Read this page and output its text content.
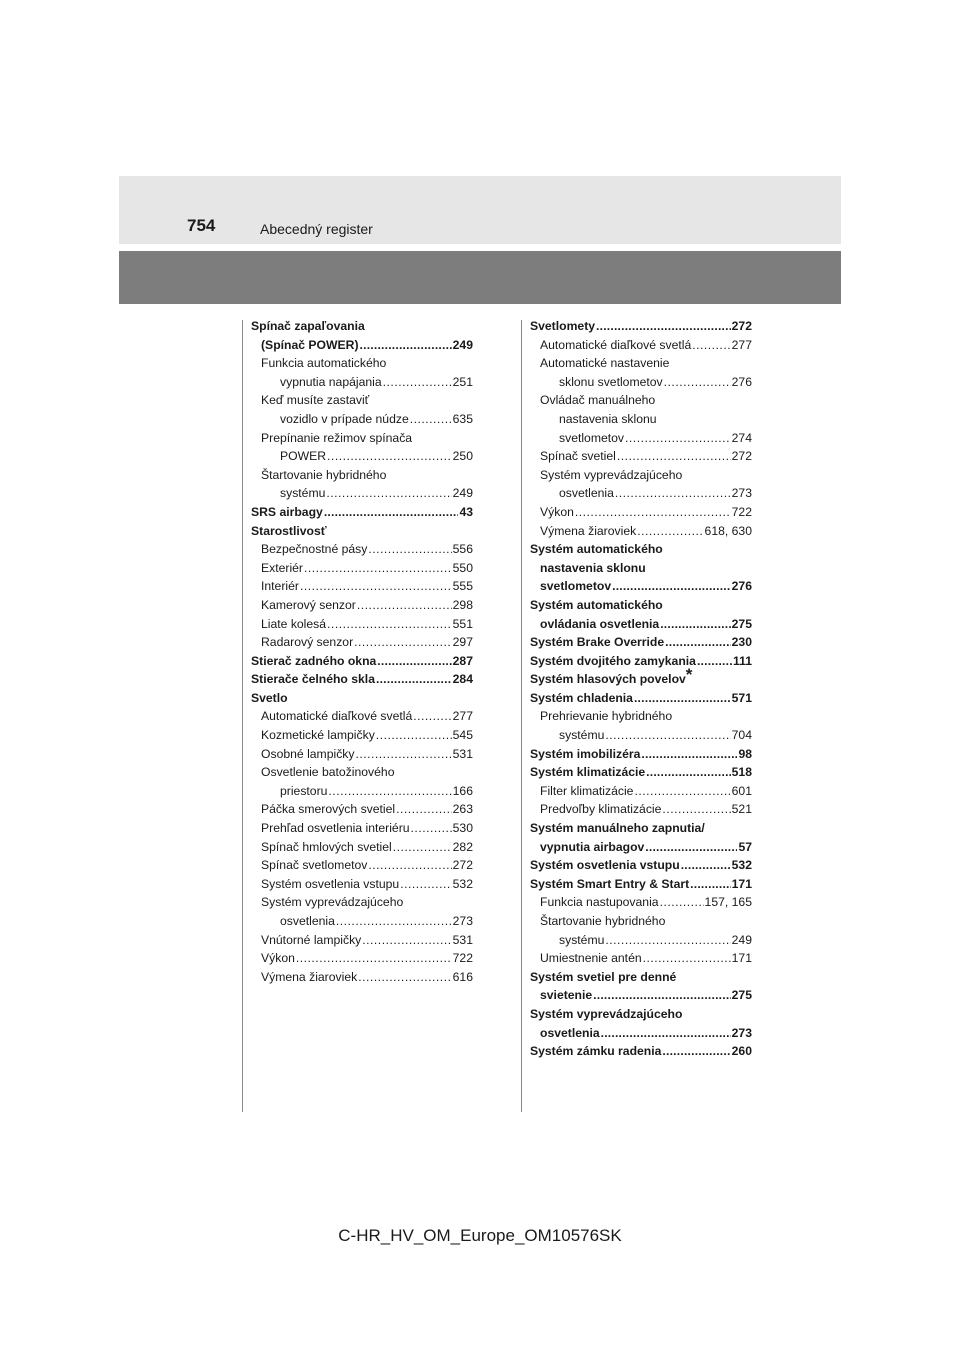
754	Abecedný register
Spínač zapaľovania
(Spínač POWER) .....	249
Funkcia automatického
vypnutia napájania .....	251
Keď musíte zastaviť
vozidlo v prípade núdze .....	635
Prepínanie režimov spínača
POWER .....	250
Štartovanie hybridného
systému .....	249
SRS airbagy .....	43
Starostlivosť
Bezpečnostné pásy .....	556
Exteriér .....	550
Interiér .....	555
Kamerový senzor .....	298
Liate kolesá .....	551
Radarový senzor .....	297
Stierač zadného okna .....	287
Stierače čelného skla .....	284
Svetlo
Automatické diaľkové svetlá .....	277
Kozmetické lampičky .....	545
Osobné lampičky .....	531
Osvetlenie batožinového
priestoru .....	166
Páčka smerových svetiel .....	263
Prehľad osvetlenia interiéru .....	530
Spínač hmlových svetiel .....	282
Spínač svetlometov .....	272
Systém osvetlenia vstupu .....	532
Systém vyprevádzajúceho
osvetlenia .....	273
Vnútorné lampičky .....	531
Výkon .....	722
Výmena žiaroviek .....	616
Svetlomety .....	272
Automatické diaľkové svetlá .....	277
Automatické nastavenie
sklonu svetlometov .....	276
Ovládač manuálneho
nastavenia sklonu
svetlometov .....	274
Spínač svetiel .....	272
Systém vyprevádzajúceho
osvetlenia .....	273
Výkon .....	722
Výmena žiaroviek .....	618, 630
Systém automatického
nastavenia sklonu
svetlometov .....	276
Systém automatického
ovládania osvetlenia .....	275
Systém Brake Override .....	230
Systém dvojitého zamykania .....	111
Systém hlasových povelov *
Systém chladenia .....	571
Prehrievanie hybridného
systému .....	704
Systém imobilizéra .....	98
Systém klimatizácie .....	518
Filter klimatizácie .....	601
Predvoľby klimatizácie .....	521
Systém manuálneho zapnutia/
vypnutia airbagov .....	57
Systém osvetlenia vstupu .....	532
Systém Smart Entry & Start .....	171
Funkcia nastupovania .....	157, 165
Štartovanie hybridného
systému .....	249
Umiestnenie antén .....	171
Systém svetiel pre denné
svietenie .....	275
Systém vyprevádzajúceho
osvetlenia .....	273
Systém zámku radenia .....	260
C-HR_HV_OM_Europe_OM10576SK
